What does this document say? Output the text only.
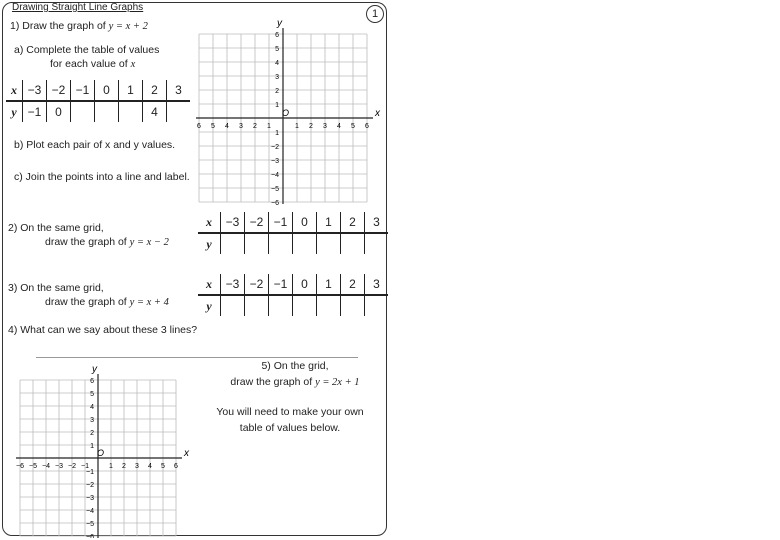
Drawing Straight Line Graphs
1
1) Draw the graph of y = x + 2
a) Complete the table of values
for each value of x
x	−3	−2	−1	0	1	2	3
y	−1	0				4	
b) Plot each pair of x and y values.
c) Join the points into a line and label.
2) On the same grid,
draw the graph of y = x − 2
x	−3	−2	−1	0	1	2	3
y							
3) On the same grid,
draw the graph of y = x + 4
x	−3	−2	−1	0	1	2	3
y							
4) What can we say about these 3 lines?
5) On the grid,
draw the graph of y = 2x + 1
You will need to make your own
table of values below.
x
y
O
6 5 4 3 2 1	1 2 3 4 5 6
6
5
4
3
2
1
1
−2
−3
−4
−5
−6
x
y
O
−6 −5 −4 −3 −2 −1	1 2 3 4 5 6
6
5
4
3
2
1
−1
−2
−3
−4
−5
−6
